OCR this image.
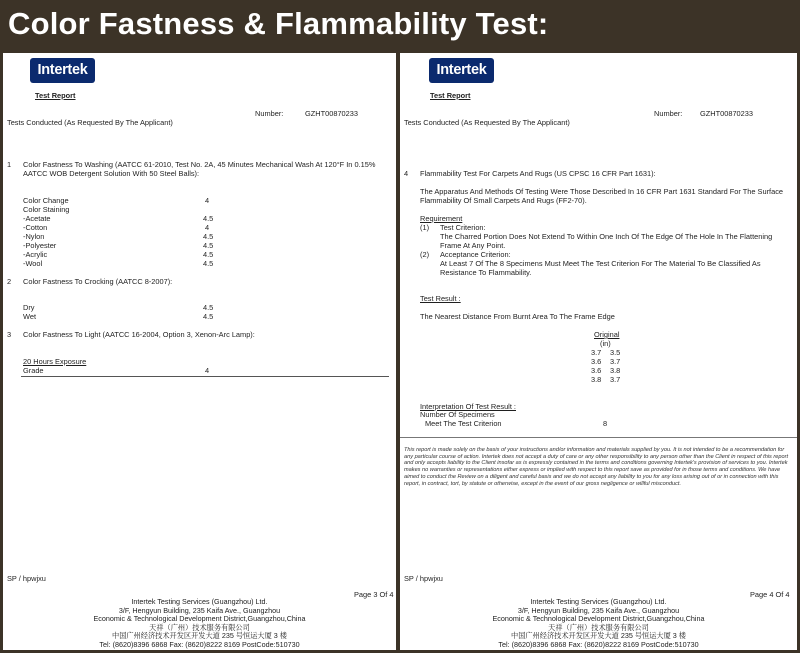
Color Fastness & Flammability Test:
Intertek
Test Report
Number:	GZHT00870233
Tests Conducted (As Requested By The Applicant)
1 Color Fastness To Washing (AATCC 61-2010, Test No. 2A, 45 Minutes Mechanical Wash At 120°F In 0.15%
AATCC WOB Detergent Solution With 50 Steel Balls):
Color Change	4
Color Staining
-Acetate	4.5
-Cotton	4
-Nylon	4.5
-Polyester	4.5
-Acrylic	4.5
-Wool	4.5
2 Color Fastness To Crocking (AATCC 8-2007):
Dry	4.5
Wet	4.5
3 Color Fastness To Light (AATCC 16-2004, Option 3, Xenon-Arc Lamp):
20 Hours Exposure
Grade	4
SP / hpwjxu
Page 3 Of 4
Intertek Testing Services (Guangzhou) Ltd.
3/F, Hengyun Building, 235 Kaifa Ave., Guangzhou
Economic & Technological Development District,Guangzhou,China
天祥（广州）技术服务有限公司
中国广州经济技术开发区开发大道 235 号恒运大厦 3 楼
Tel: (8620)8396 6868 Fax: (8620)8222 8169 PostCode:510730
Intertek
Test Report
Number: GZHT00870233
Tests Conducted (As Requested By The Applicant)
4 Flammability Test For Carpets And Rugs (US CPSC 16 CFR Part 1631):
The Apparatus And Methods Of Testing Were Those Described In 16 CFR Part 1631 Standard For The Surface
Flammability Of Small Carpets And Rugs (FF2-70).
Requirement
(1) Test Criterion:
The Charred Portion Does Not Extend To Within One Inch Of The Edge Of The Hole In The Flattening
Frame At Any Point.
(2) Acceptance Criterion:
At Least 7 Of The 8 Specimens Must Meet The Test Criterion For The Material To Be Classified As
Resistance To Flammability.
Test Result :
The Nearest Distance From Burnt Area To The Frame Edge
Original
(in)
3.7 3.5
3.6 3.7
3.6 3.8
3.8 3.7
Interpretation Of Test Result :
Number Of Specimens
Meet The Test Criterion	8
This report is made solely on the basis of your instructions and/or information and materials supplied by you. It is not intended to be a recommendation for any particular course of action. Intertek does not accept a duty of care or any other responsibility to any person other than the Client in respect of this report and only accepts liability to the Client insofar as is expressly contained in the terms and conditions governing Intertek's provision of services to you. Intertek makes no warranties or representations either express or implied with respect to this report save as provided for in those terms and conditions. We have aimed to conduct the Review on a diligent and careful basis and we do not accept any liability to you for any loss arising out of or in connection with this report, in contract, tort, by statute or otherwise, except in the event of our gross negligence or willful misconduct.
SP / hpwjxu
Page 4 Of 4
Intertek Testing Services (Guangzhou) Ltd.
3/F, Hengyun Building, 235 Kaifa Ave., Guangzhou
Economic & Technological Development District,Guangzhou,China
天祥（广州）技术服务有限公司
中国广州经济技术开发区开发大道 235 号恒运大厦 3 楼
Tel: (8620)8396 6868 Fax: (8620)8222 8169 PostCode:510730
